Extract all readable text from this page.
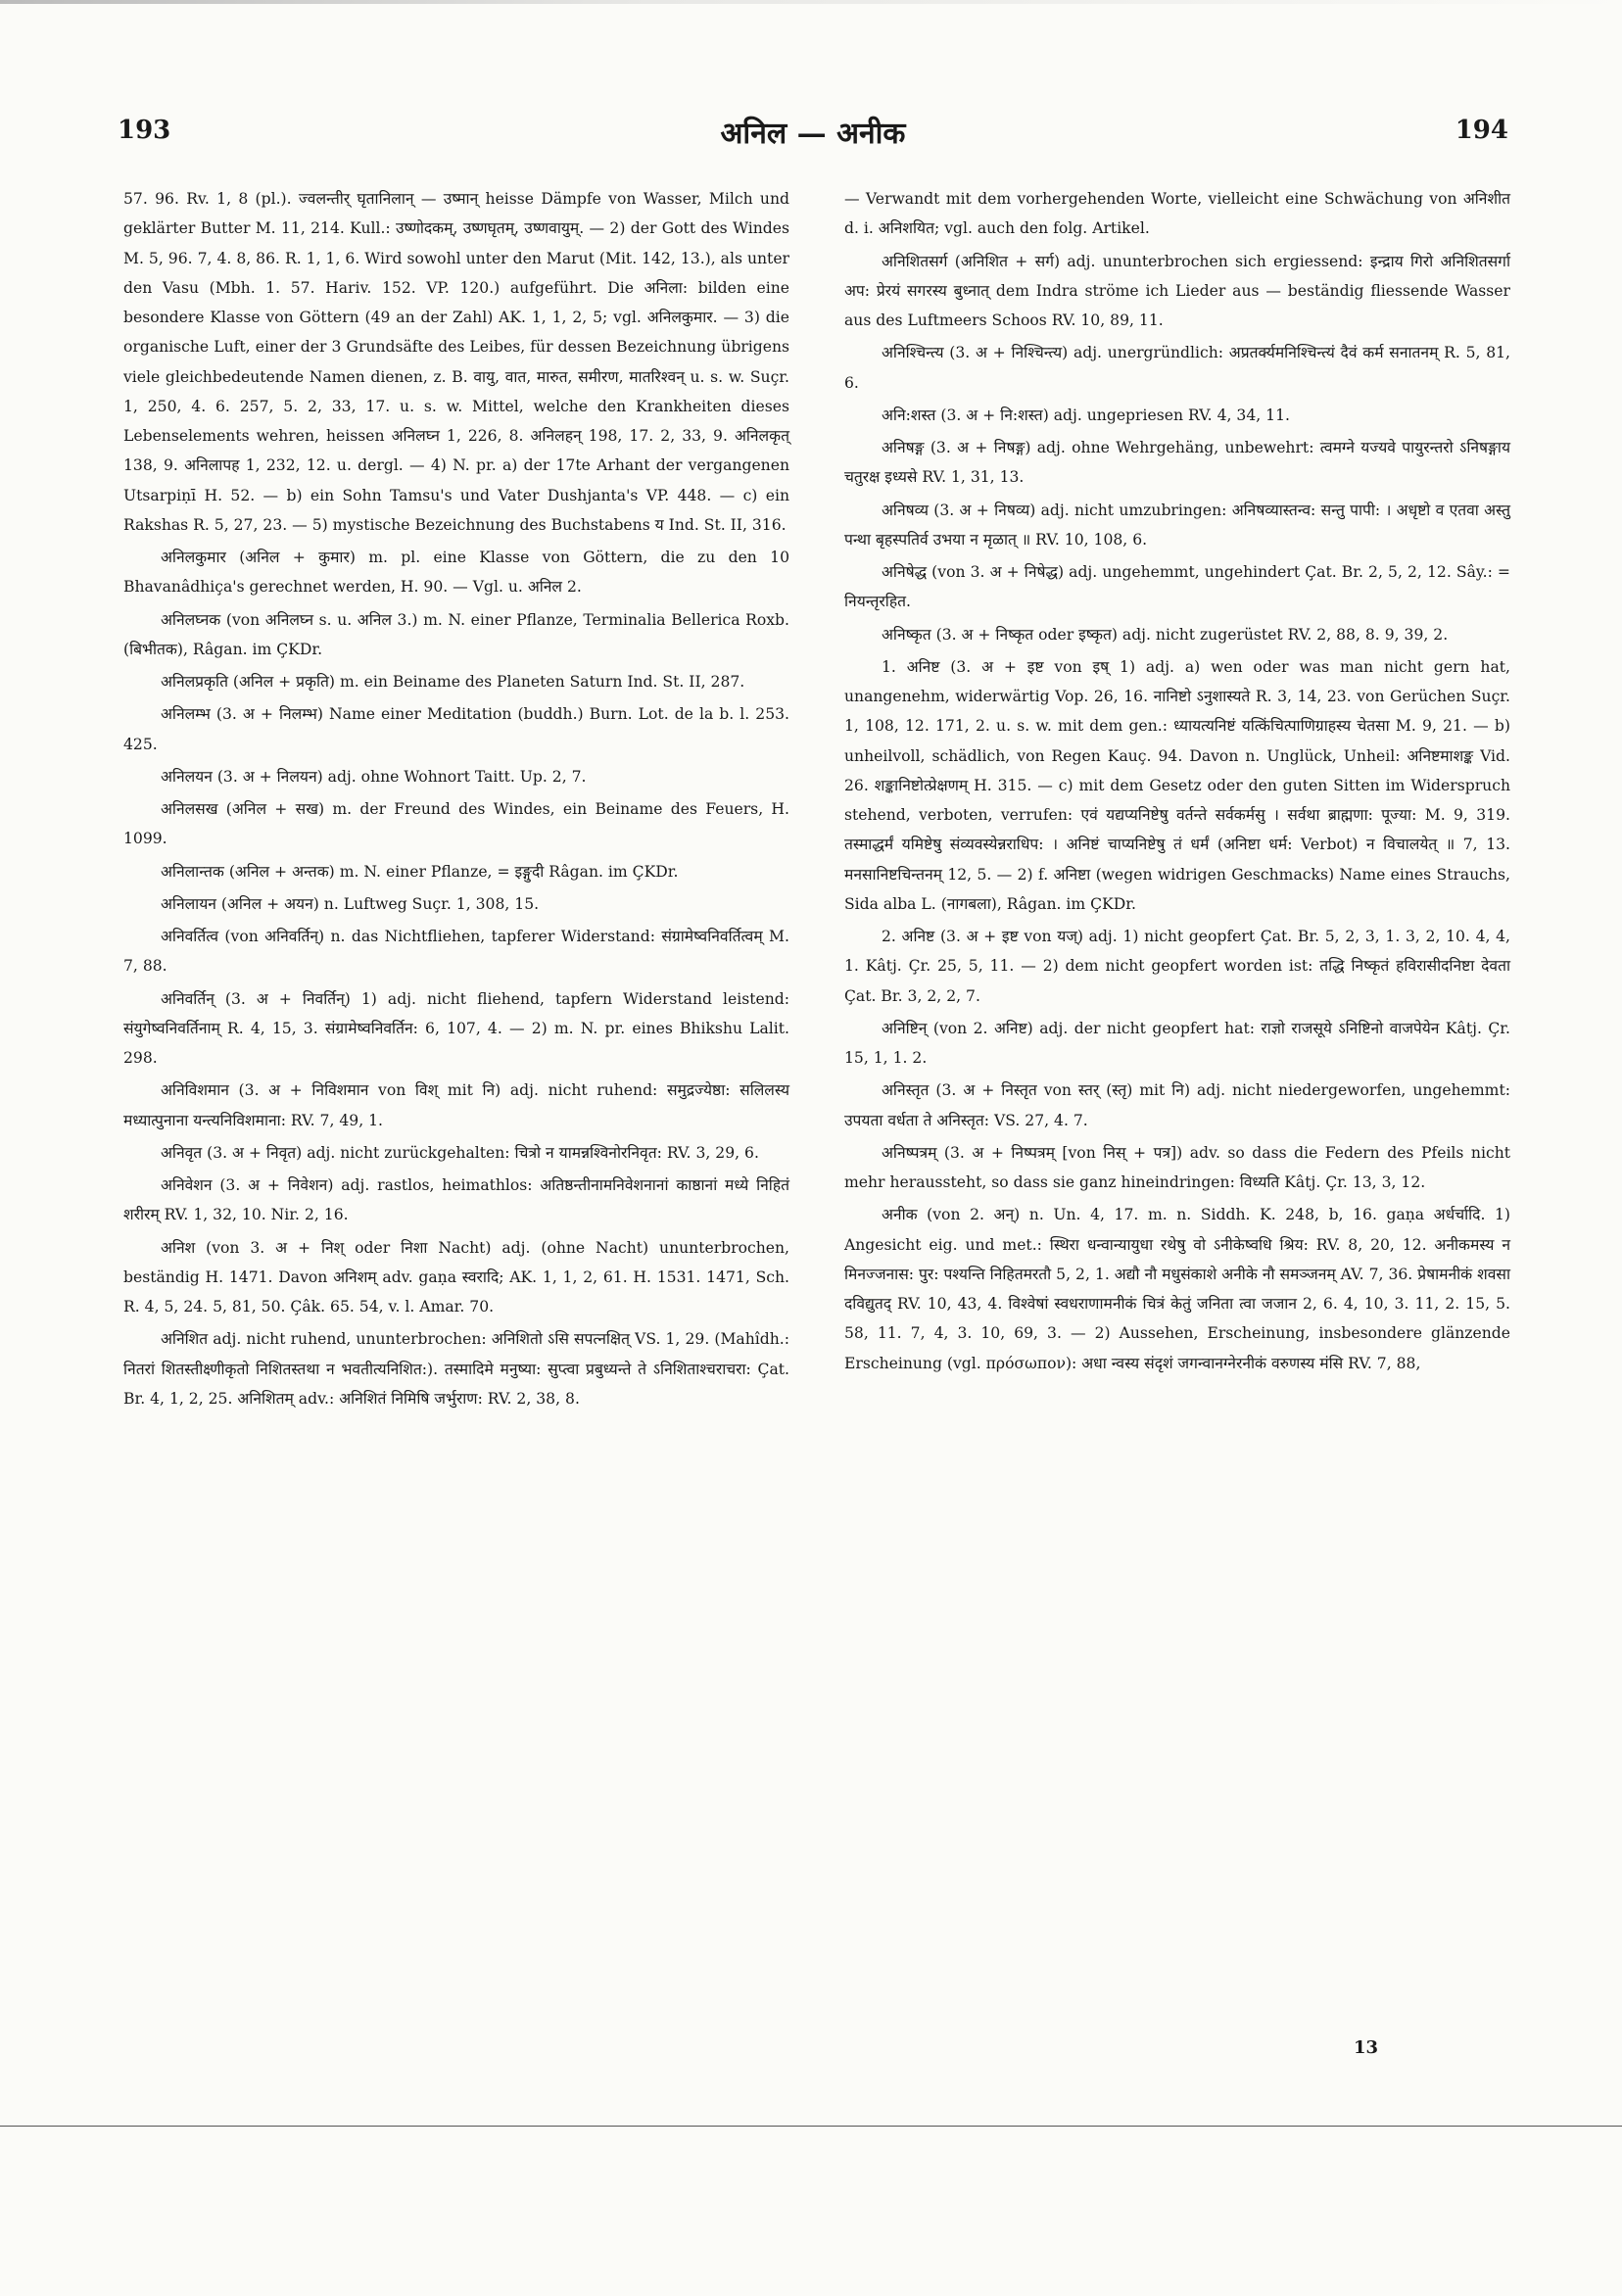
193	अनिल — अनीक	194

57. 96. Rv. 1, 8 (pl.). ज्वलन्तीर् घृतानिलान् — उष्मान् heisse Dämpfe von Wasser, Milch und geklärter Butter M. 11, 214. Kull.: उष्णोदकम्, उष्णघृतम्, उष्णवायुम्. — 2) der Gott des Windes M. 5, 96. 7, 4. 8, 86. R. 1, 1, 6. Wird sowohl unter den Marut (Mit. 142, 13.), als unter den Vasu (Mbh. 1. 57. Hariv. 152. VP. 120.) aufgeführt. Die अनिला: bilden eine besondere Klasse von Göttern (49 an der Zahl) AK. 1, 1, 2, 5; vgl. अनिलकुमार. — 3) die organische Luft, einer der 3 Grundsäfte des Leibes, für dessen Bezeichnung übrigens viele gleichbedeutende Namen dienen, z. B. वायु, वात, मारुत, समीरण, मातरिश्वन् u. s. w. Suçr. 1, 250, 4. 6. 257, 5. 2, 33, 17. u. s. w. Mittel, welche den Krankheiten dieses Lebenselements wehren, heissen अनिलघ्न 1, 226, 8. अनिलहन् 198, 17. 2, 33, 9. अनिलकृत् 138, 9. अनिलापह 1, 232, 12. u. dergl. — 4) N. pr. a) der 17te Arhant der vergangenen Utsarpiṇī H. 52. — b) ein Sohn Tamsu's und Vater Dushjanta's VP. 448. — c) ein Rakshas R. 5, 27, 23. — 5) mystische Bezeichnung des Buchstabens य Ind. St. II, 316.

अनिलकुमार (अनिल + कुमार) m. pl. eine Klasse von Göttern, die zu den 10 Bhavanâdhiça's gerechnet werden, H. 90. — Vgl. u. अनिल 2.

अनिलघ्नक (von अनिलघ्न s. u. अनिल 3.) m. N. einer Pflanze, Terminalia Bellerica Roxb. (बिभीतक), Râgan. im ÇKDr.

अनिलप्रकृति (अनिल + प्रकृति) m. ein Beiname des Planeten Saturn Ind. St. II, 287.

अनिलम्भ (3. अ + निलम्भ) Name einer Meditation (buddh.) Burn. Lot. de la b. l. 253. 425.

अनिलयन (3. अ + निलयन) adj. ohne Wohnort Taitt. Up. 2, 7.

अनिलसख (अनिल + सख) m. der Freund des Windes, ein Beiname des Feuers, H. 1099.

अनिलान्तक (अनिल + अन्तक) m. N. einer Pflanze, = इङ्गुदी Râgan. im ÇKDr.

अनिलायन (अनिल + अयन) n. Luftweg Suçr. 1, 308, 15.

अनिवर्तित्व (von अनिवर्तिन्) n. das Nichtfliehen, tapferer Widerstand: संग्रामेष्वनिवर्तित्वम् M. 7, 88.

अनिवर्तिन् (3. अ + निवर्तिन्) 1) adj. nicht fliehend, tapfern Widerstand leistend: संयुगेष्वनिवर्तिनाम् R. 4, 15, 3. संग्रामेष्वनिवर्तिन: 6, 107, 4. — 2) m. N. pr. eines Bhikshu Lalit. 298.

अनिविशमान (3. अ + निविशमान von विश् mit नि) adj. nicht ruhend: समुद्रज्येष्ठा: सलिलस्य मध्यात्पुनाना यन्त्यनिविशमाना: RV. 7, 49, 1.

अनिवृत (3. अ + निवृत) adj. nicht zurückgehalten: चित्रो न यामन्नश्विनोरनिवृत: RV. 3, 29, 6.

अनिवेशन (3. अ + निवेशन) adj. rastlos, heimathlos: अतिष्ठन्तीनामनिवेशनानां काष्ठानां मध्ये निहितं शरीरम् RV. 1, 32, 10. Nir. 2, 16.

अनिश (von 3. अ + निश् oder निशा Nacht) adj. (ohne Nacht) ununterbrochen, beständig H. 1471. Davon अनिशम् adv. gaṇa स्वरादि; AK. 1, 1, 2, 61. H. 1531. 1471, Sch. R. 4, 5, 24. 5, 81, 50. Çâk. 65. 54, v. l. Amar. 70.

अनिशित adj. nicht ruhend, ununterbrochen: अनिशितो ऽसि सपत्नक्षित् VS. 1, 29. (Mahîdh.: नितरां शितस्तीक्ष्णीकृतो निशितस्तथा न भवतीत्यनिशित:). तस्मादिमे मनुष्या: सुप्त्वा प्रबुध्यन्ते ते ऽनिशिताश्चराचरा: Çat. Br. 4, 1, 2, 25. अनिशितम् adv.: अनिशितं निमिषि जर्भुराण: RV. 2, 38, 8.

— Verwandt mit dem vorhergehenden Worte, vielleicht eine Schwächung von अनिशीत d. i. अनिशयित; vgl. auch den folg. Artikel.

अनिशितसर्ग (अनिशित + सर्ग) adj. ununterbrochen sich ergiessend: इन्द्राय गिरो अनिशितसर्गा अप: प्रेरयं सगरस्य बुध्नात् dem Indra ströme ich Lieder aus — beständig fliessende Wasser aus des Luftmeers Schoos RV. 10, 89, 11.

अनिश्चिन्त्य (3. अ + निश्चिन्त्य) adj. unergründlich: अप्रतर्क्यमनिश्चिन्त्यं दैवं कर्म सनातनम् R. 5, 81, 6.

अनि:शस्त (3. अ + नि:शस्त) adj. ungepriesen RV. 4, 34, 11.

अनिषङ्ग (3. अ + निषङ्ग) adj. ohne Wehrgehäng, unbewehrt: त्वमग्ने यज्यवे पायुरन्तरो ऽनिषङ्गाय चतुरक्ष इध्यसे RV. 1, 31, 13.

अनिषव्य (3. अ + निषव्य) adj. nicht umzubringen: अनिषव्यास्तन्व: सन्तु पापी: । अधृष्टो व एतवा अस्तु पन्था बृहस्पतिर्व उभया न मृळात् ॥ RV. 10, 108, 6.

अनिषेद्ध (von 3. अ + निषेद्ध) adj. ungehemmt, ungehindert Çat. Br. 2, 5, 2, 12. Sây.: = नियन्तृरहित.

अनिष्कृत (3. अ + निष्कृत oder इष्कृत) adj. nicht zugerüstet RV. 2, 88, 8. 9, 39, 2.

1. अनिष्ट (3. अ + इष्ट von इष् 1) adj. a) wen oder was man nicht gern hat, unangenehm, widerwärtig Vop. 26, 16. नानिष्टो ऽनुशास्यते R. 3, 14, 23. von Gerüchen Suçr. 1, 108, 12. 171, 2. u. s. w. mit dem gen.: ध्यायत्यनिष्टं यत्किंचित्पाणिग्राहस्य चेतसा M. 9, 21. — b) unheilvoll, schädlich, von Regen Kauç. 94. Davon n. Unglück, Unheil: अनिष्टमाशङ्क Vid. 26. शङ्कानिष्टोत्प्रेक्षणम् H. 315. — c) mit dem Gesetz oder den guten Sitten im Widerspruch stehend, verboten, verrufen: एवं यद्यप्यनिष्टेषु वर्तन्ते सर्वकर्मसु । सर्वथा ब्राह्मणा: पूज्या: M. 9, 319. तस्माद्धर्मं यमिष्टेषु संव्यवस्येन्नराधिप: । अनिष्टं चाप्यनिष्टेषु तं धर्मं (अनिष्टा धर्म: Verbot) न विचालयेत् ॥ 7, 13. मनसानिष्टचिन्तनम् 12, 5. — 2) f. अनिष्टा (wegen widrigen Geschmacks) Name eines Strauchs, Sida alba L. (नागबला), Râgan. im ÇKDr.

2. अनिष्ट (3. अ + इष्ट von यज्) adj. 1) nicht geopfert Çat. Br. 5, 2, 3, 1. 3, 2, 10. 4, 4, 1. Kâtj. Çr. 25, 5, 11. — 2) dem nicht geopfert worden ist: तद्धि निष्कृतं हविरासीदनिष्टा देवता Çat. Br. 3, 2, 2, 7.

अनिष्टिन् (von 2. अनिष्ट) adj. der nicht geopfert hat: राज्ञो राजसूये ऽनिष्टिनो वाजपेयेन Kâtj. Çr. 15, 1, 1. 2.

अनिस्तृत (3. अ + निस्तृत von स्तर् (स्तृ) mit नि) adj. nicht niedergeworfen, ungehemmt: उपयता वर्धता ते अनिस्तृत: VS. 27, 4. 7.

अनिष्पत्रम् (3. अ + निष्पत्रम् [von निस् + पत्र]) adv. so dass die Federn des Pfeils nicht mehr heraussteht, so dass sie ganz hineindringen: विध्यति Kâtj. Çr. 13, 3, 12.

अनीक (von 2. अन्) n. Un. 4, 17. m. n. Siddh. K. 248, b, 16. gaṇa अर्धर्चादि. 1) Angesicht eig. und met.: स्थिरा धन्वान्यायुधा रथेषु वो ऽनीकेष्वधि श्रिय: RV. 8, 20, 12. अनीकमस्य न मिनज्जनास: पुर: पश्यन्ति निहितमरतौ 5, 2, 1. अद्यौ नौ मधुसंकाशे अनीके नौ समञ्जनम् AV. 7, 36. प्रेषामनीकं शवसा दविद्युतद् RV. 10, 43, 4. विश्वेषां स्वधराणामनीकं चित्रं केतुं जनिता त्वा जजान 2, 6. 4, 10, 3. 11, 2. 15, 5. 58, 11. 7, 4, 3. 10, 69, 3. — 2) Aussehen, Erscheinung, insbesondere glänzende Erscheinung (vgl. πρόσωπον): अधा न्वस्य संदृशं जगन्वानग्नेरनीकं वरुणस्य मंसि RV. 7, 88,

13
